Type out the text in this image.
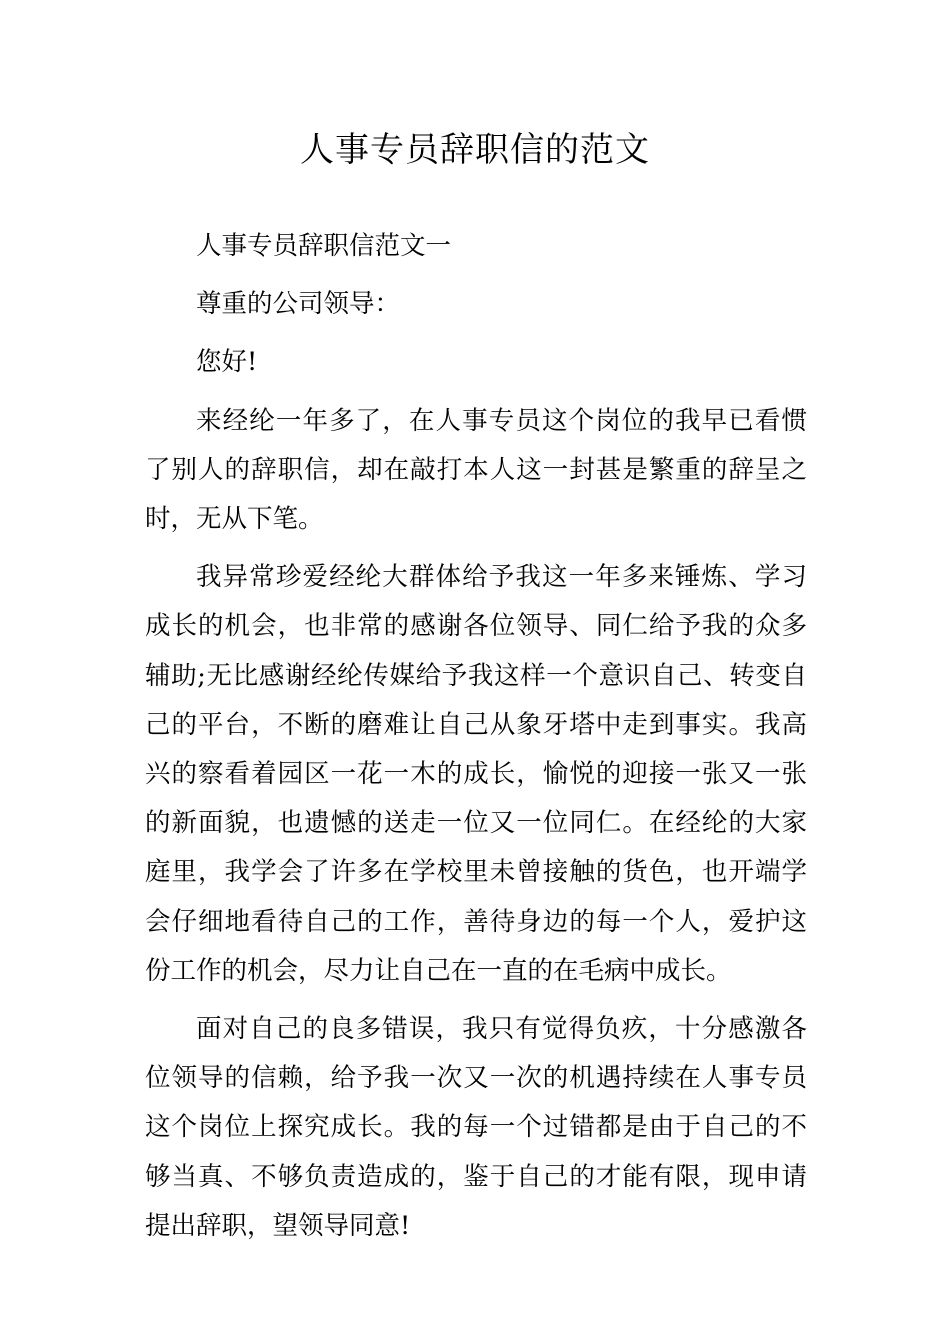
人事专员辞职信的范文

人事专员辞职信范文一

尊重的公司领导：

您好!

来经纶一年多了，在人事专员这个岗位的我早已看惯了别人的辞职信，却在敲打本人这一封甚是繁重的辞呈之时，无从下笔。

我异常珍爱经纶大群体给予我这一年多来锤炼、学习成长的机会，也非常的感谢各位领导、同仁给予我的众多辅助;无比感谢经纶传媒给予我这样一个意识自己、转变自己的平台，不断的磨难让自己从象牙塔中走到事实。我高兴的察看着园区一花一木的成长，愉悦的迎接一张又一张的新面貌，也遗憾的送走一位又一位同仁。在经纶的大家庭里，我学会了许多在学校里未曾接触的货色，也开端学会仔细地看待自己的工作，善待身边的每一个人，爱护这份工作的机会，尽力让自己在一直的在毛病中成长。

面对自己的良多错误，我只有觉得负疚，十分感激各位领导的信赖，给予我一次又一次的机遇持续在人事专员这个岗位上探究成长。我的每一个过错都是由于自己的不够当真、不够负责造成的，鉴于自己的才能有限，现申请提出辞职，望领导同意!
